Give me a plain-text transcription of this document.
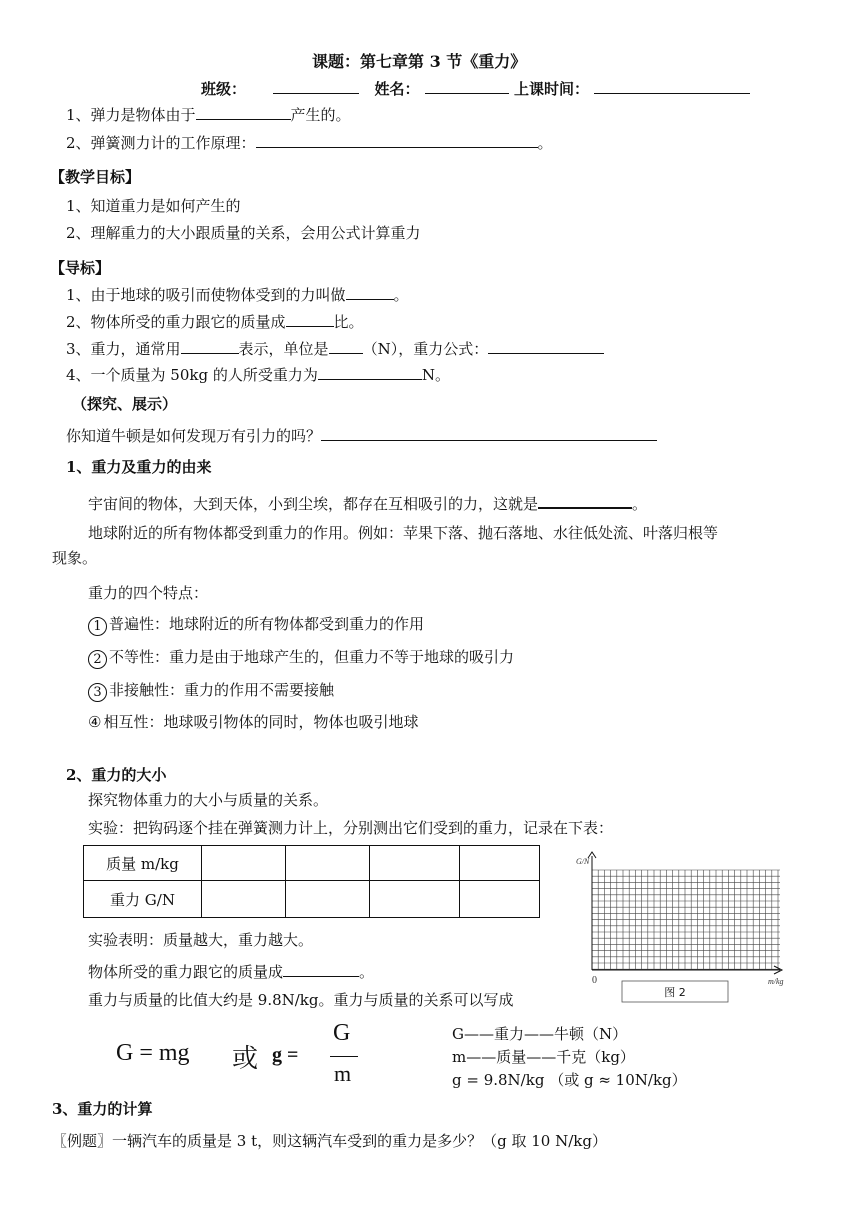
课题：第七章第 3 节《重力》
班级：	姓名：	上课时间：
1、弹力是物体由于	产生的。
2、弹簧测力计的工作原理：	。
【教学目标】
1、知道重力是如何产生的
2、理解重力的大小跟质量的关系，会用公式计算重力
【导标】
1、由于地球的吸引而使物体受到的力叫做	。
2、物体所受的重力跟它的质量成	比。
3、重力，通常用	表示，单位是 （N），重力公式：
4、一个质量为 50kg 的人所受重力为	N。
（探究、展示）
你知道牛顿是如何发现万有引力的吗？
1、重力及重力的由来
宇宙间的物体，大到天体，小到尘埃，都存在互相吸引的力，这就是	。
地球附近的所有物体都受到重力的作用。例如：苹果下落、抛石落地、水往低处流、叶落归根等
现象。
重力的四个特点：
1 普遍性：地球附近的所有物体都受到重力的作用
2 不等性：重力是由于地球产生的，但重力不等于地球的吸引力
3 非接触性：重力的作用不需要接触
④ 相互性：地球吸引物体的同时，物体也吸引地球
2、重力的大小
探究物体重力的大小与质量的关系。
实验：把钩码逐个挂在弹簧测力计上，分别测出它们受到的重力，记录在下表：
质量 m/kg				
重力 G/N				
G/N
m/kg
0
图 2
实验表明：质量越大，重力越大。
物体所受的重力跟它的质量成	。
重力与质量的比值大约是 9.8N/kg。重力与质量的关系可以写成
G = mg 或 g =
G
m
G——重力——牛顿（N）
m——质量——千克（kg）
g = 9.8N/kg （或 g ≈ 10N/kg）
3、重力的计算
〖例题〗一辆汽车的质量是 3 t，则这辆汽车受到的重力是多少？（g 取 10 N/kg）
